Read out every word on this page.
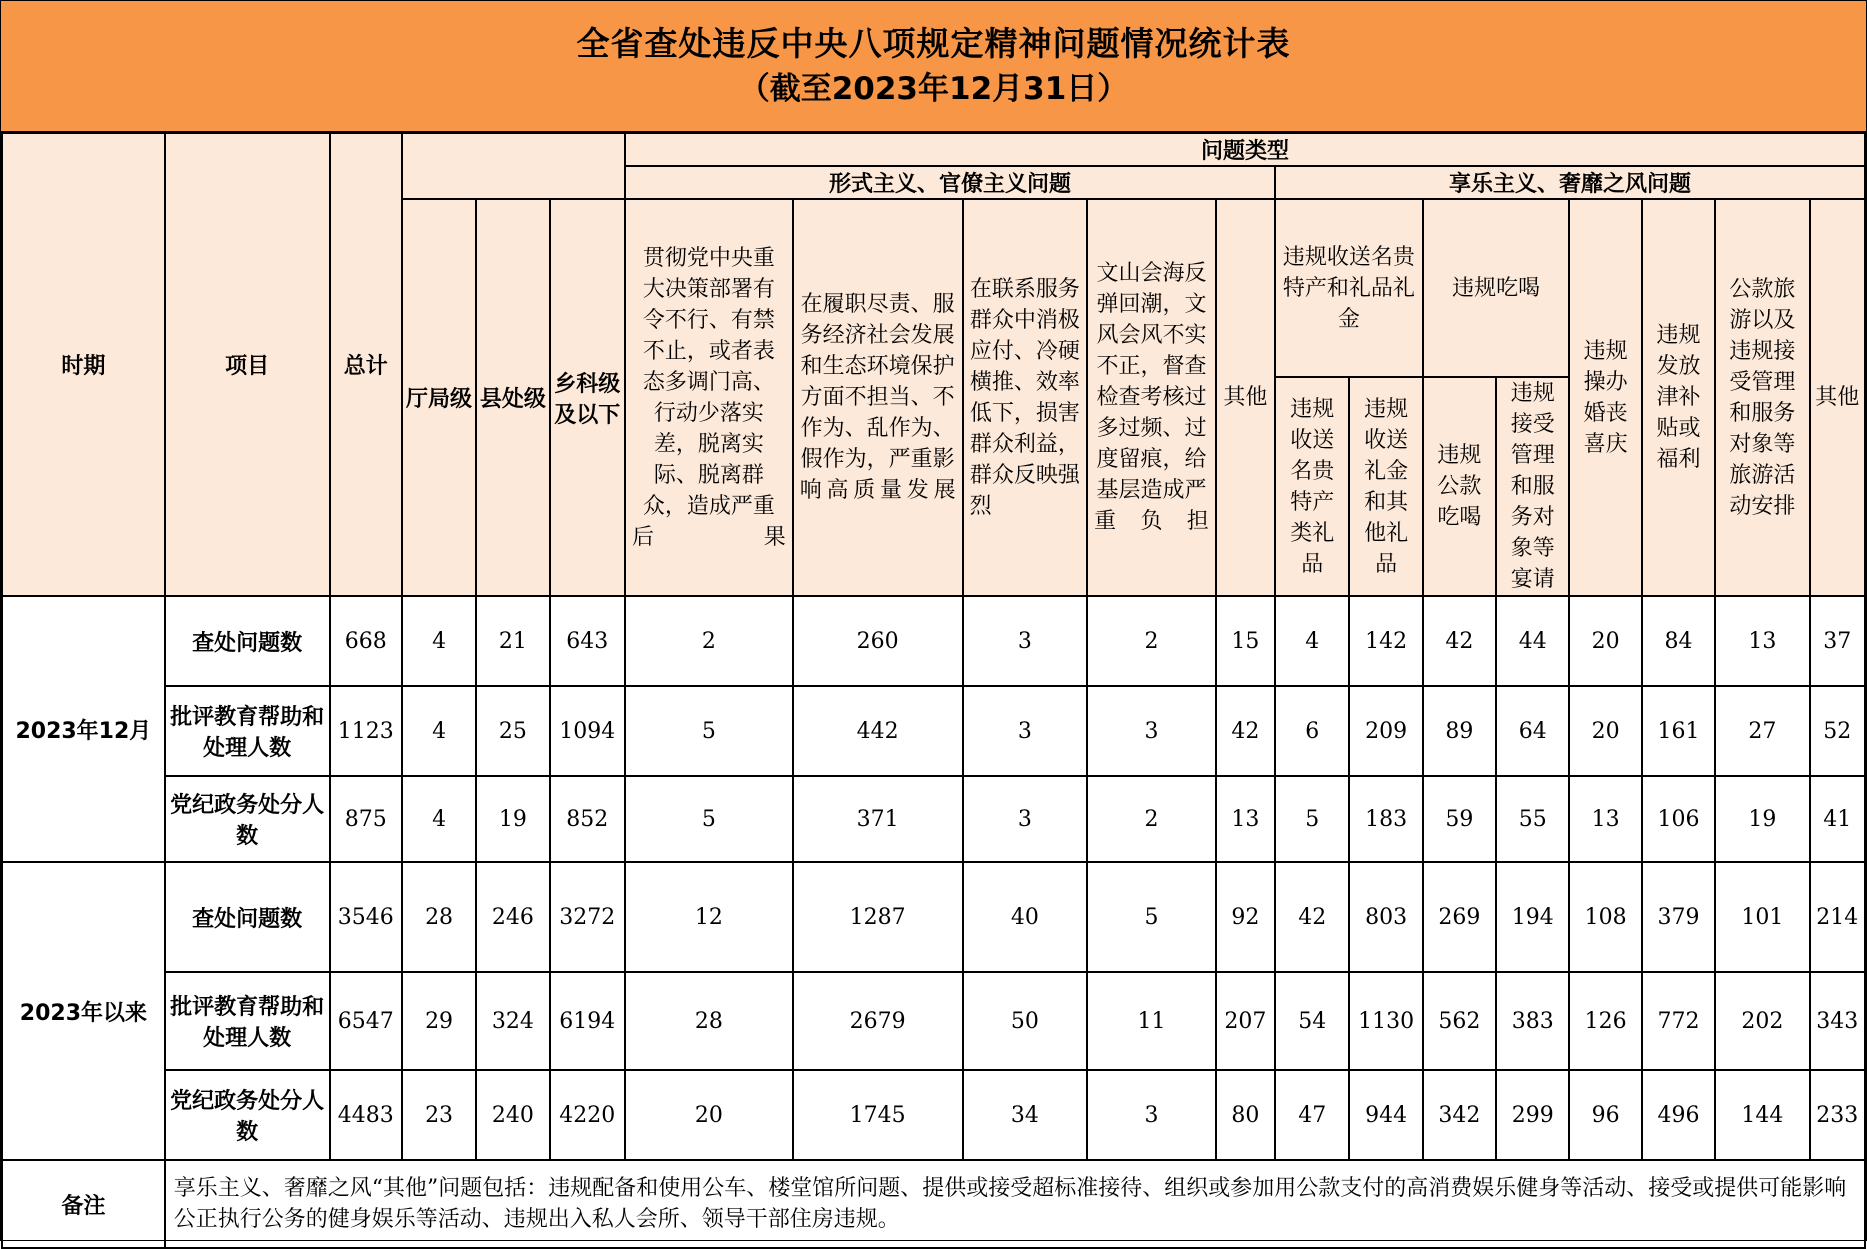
全省查处违反中央八项规定精神问题情况统计表
（截至2023年12月31日）
时期	项目	总计				问题类型												
						形式主义、官僚主义问题					享乐主义、奢靡之风问题							
			厅局级	县处级	乡科级及以下	贯彻党中央重大决策部署有令不行、有禁不止，或者表态多调门高、行动少落实差，脱离实际、脱离群众，造成严重后果	在履职尽责、服务经济社会发展和生态环境保护方面不担当、不作为、乱作为、假作为，严重影响高质量发展	在联系服务群众中消极应付、冷硬横推、效率低下，损害群众利益，群众反映强烈	文山会海反弹回潮，文风会风不实不正，督查检查考核过多过频、过度留痕，给基层造成严重负担	其他	违规收送名贵特产和礼品礼金		违规吃喝		违规操办婚丧喜庆	违规发放津补贴或福利	公款旅游以及违规接受管理和服务对象等旅游活动安排	其他
											违规收送名贵特产类礼品	违规收送礼金和其他礼品	违规公款吃喝	违规接受管理和服务对象等宴请				
2023年12月	查处问题数	668	4	21	643	2	260	3	2	15	4	142	42	44	20	84	13	37
	批评教育帮助和处理人数	1123	4	25	1094	5	442	3	3	42	6	209	89	64	20	161	27	52
	党纪政务处分人数	875	4	19	852	5	371	3	2	13	5	183	59	55	13	106	19	41
2023年以来	查处问题数	3546	28	246	3272	12	1287	40	5	92	42	803	269	194	108	379	101	214
	批评教育帮助和处理人数	6547	29	324	6194	28	2679	50	11	207	54	1130	562	383	126	772	202	343
	党纪政务处分人数	4483	23	240	4220	20	1745	34	3	80	47	944	342	299	96	496	144	233
备注	享乐主义、奢靡之风“其他”问题包括：违规配备和使用公车、楼堂馆所问题、提供或接受超标准接待、组织或参加用公款支付的高消费娱乐健身等活动、接受或提供可能影响公正执行公务的健身娱乐等活动、违规出入私人会所、领导干部住房违规。																	
